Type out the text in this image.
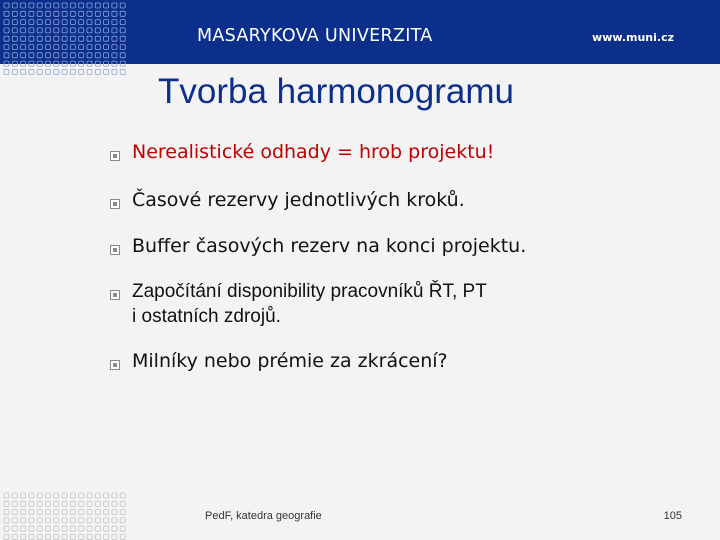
MASARYKOVA UNIVERZITA	www.muni.cz
Tvorba harmonogramu
Nerealistické odhady = hrob projektu!
Časové rezervy jednotlivých kroků.
Buffer časových rezerv na konci projektu.
Započítání disponibility pracovníků ŘT, PT
i ostatních zdrojů.
Milníky nebo prémie za zkrácení?
PedF, katedra geografie	105
